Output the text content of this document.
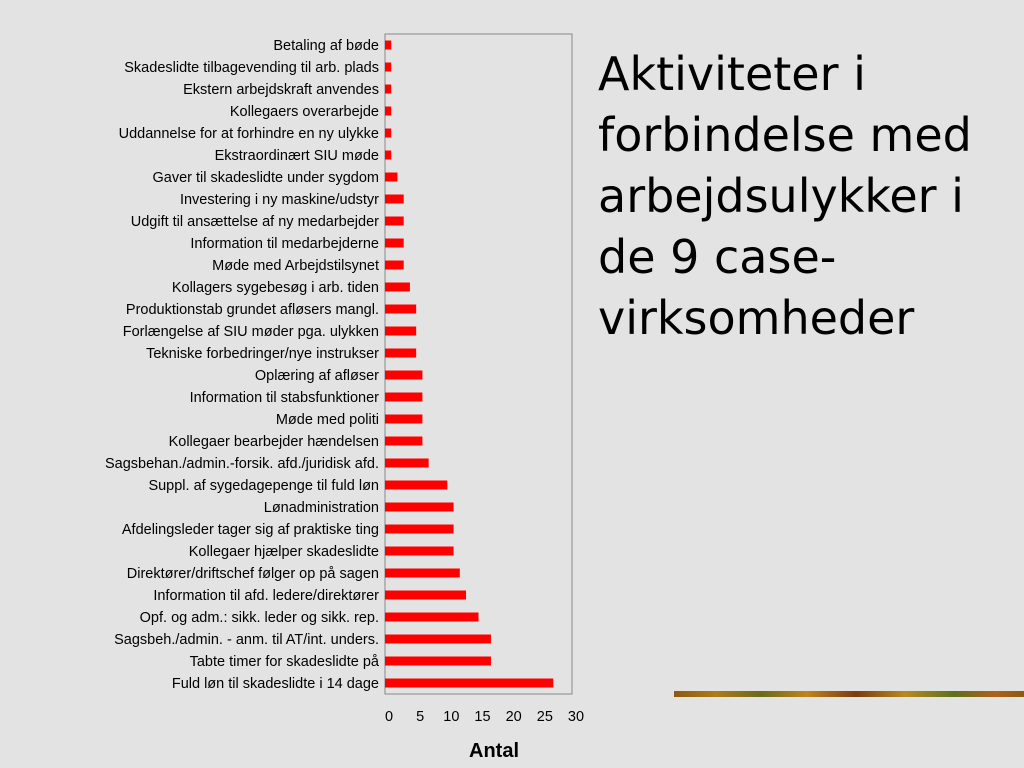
Betaling af bøde
Skadeslidte tilbagevending til arb. plads
Ekstern arbejdskraft anvendes
Kollegaers overarbejde
Uddannelse for at forhindre en ny ulykke
Ekstraordinært SIU møde
Gaver til skadeslidte under sygdom
Investering i ny maskine/udstyr
Udgift til ansættelse af ny medarbejder
Information til medarbejderne
Møde med Arbejdstilsynet
Kollagers sygebesøg i arb. tiden
Produktionstab grundet afløsers mangl.
Forlængelse af SIU møder pga. ulykken
Tekniske forbedringer/nye instrukser
Oplæring af afløser
Information til stabsfunktioner
Møde med politi
Kollegaer bearbejder hændelsen
Sagsbehan./admin.-forsik. afd./juridisk afd.
Suppl. af sygedagepenge til fuld løn
Lønadministration
Afdelingsleder tager sig af praktiske ting
Kollegaer hjælper skadeslidte
Direktører/driftschef følger op på sagen
Information til afd. ledere/direktører
Opf. og adm.: sikk. leder og sikk. rep.
Sagsbeh./admin. - anm. til AT/int. unders.
Tabte timer for skadeslidte på
Fuld løn til skadeslidte i 14 dage
0 5 10 15 20 25 30
Antal
Aktiviteter i forbindelse med arbejdsulykker i de 9 case-virksomheder
